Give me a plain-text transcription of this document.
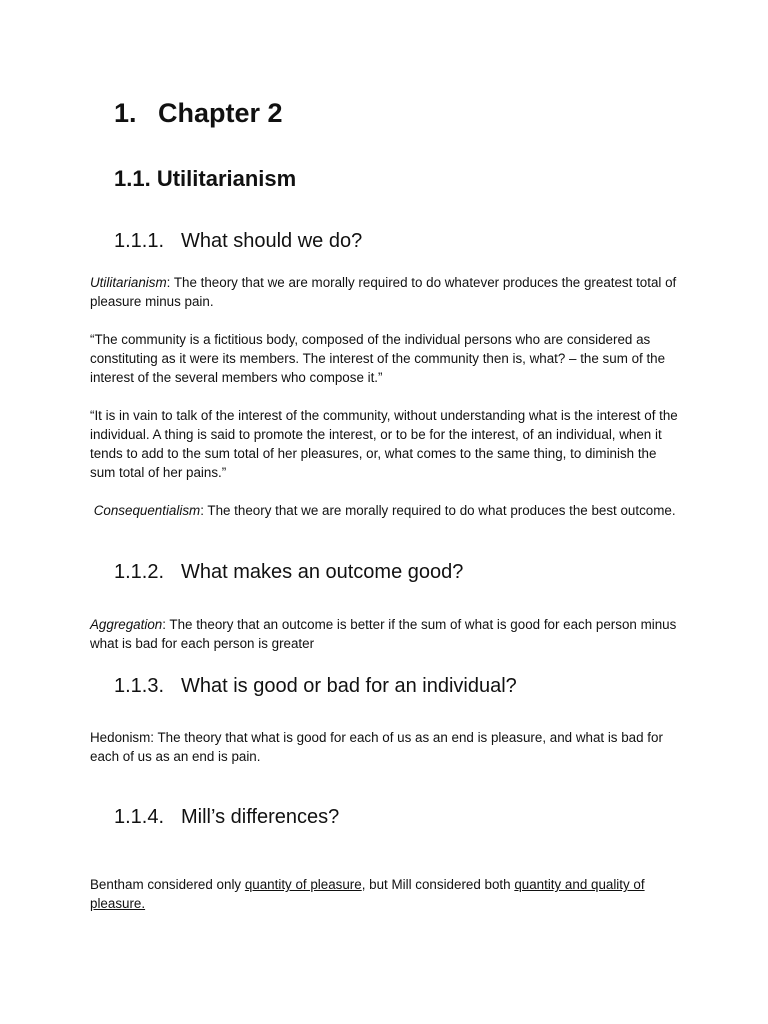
1. Chapter 2
1.1. Utilitarianism
1.1.1. What should we do?
Utilitarianism: The theory that we are morally required to do whatever produces the greatest total of pleasure minus pain.
“The community is a fictitious body, composed of the individual persons who are considered as constituting as it were its members. The interest of the community then is, what? – the sum of the interest of the several members who compose it.”
“It is in vain to talk of the interest of the community, without understanding what is the interest of the individual. A thing is said to promote the interest, or to be for the interest, of an individual, when it tends to add to the sum total of her pleasures, or, what comes to the same thing, to diminish the sum total of her pains.”
Consequentialism: The theory that we are morally required to do what produces the best outcome.
1.1.2. What makes an outcome good?
Aggregation: The theory that an outcome is better if the sum of what is good for each person minus what is bad for each person is greater
1.1.3. What is good or bad for an individual?
Hedonism: The theory that what is good for each of us as an end is pleasure, and what is bad for each of us as an end is pain.
1.1.4. Mill’s differences?
Bentham considered only quantity of pleasure, but Mill considered both quantity and quality of pleasure.
